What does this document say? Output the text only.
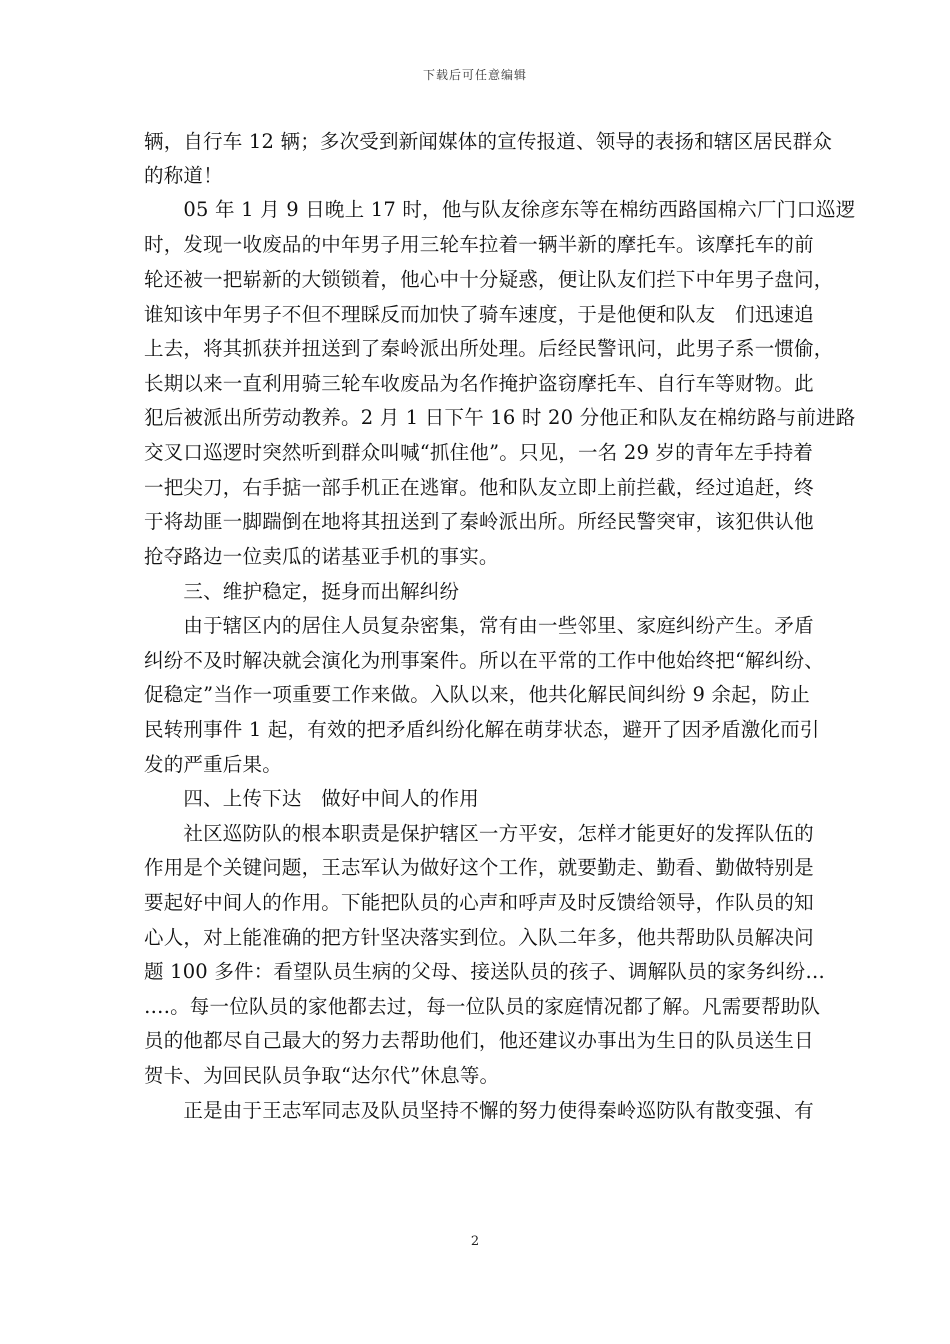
下载后可任意编辑
辆，自行车 12 辆；多次受到新闻媒体的宣传报道、领导的表扬和辖区居民群众
的称道！
　　05 年 1 月 9 日晚上 17 时，他与队友徐彦东等在棉纺西路国棉六厂门口巡逻
时，发现一收废品的中年男子用三轮车拉着一辆半新的摩托车。该摩托车的前
轮还被一把崭新的大锁锁着，他心中十分疑惑，便让队友们拦下中年男子盘问，
谁知该中年男子不但不理睬反而加快了骑车速度，于是他便和队友　们迅速追
上去，将其抓获并扭送到了秦岭派出所处理。后经民警讯问，此男子系一惯偷，
长期以来一直利用骑三轮车收废品为名作掩护盗窃摩托车、自行车等财物。此
犯后被派出所劳动教养。2 月 1 日下午 16 时 20 分他正和队友在棉纺路与前进路
交叉口巡逻时突然听到群众叫喊“抓住他”。只见，一名 29 岁的青年左手持着
一把尖刀，右手掂一部手机正在逃窜。他和队友立即上前拦截，经过追赶，终
于将劫匪一脚踹倒在地将其扭送到了秦岭派出所。所经民警突审，该犯供认他
抢夺路边一位卖瓜的诺基亚手机的事实。
　　三、维护稳定，挺身而出解纠纷
　　由于辖区内的居住人员复杂密集，常有由一些邻里、家庭纠纷产生。矛盾
纠纷不及时解决就会演化为刑事案件。所以在平常的工作中他始终把“解纠纷、
促稳定”当作一项重要工作来做。入队以来，他共化解民间纠纷 9 余起，防止
民转刑事件 1 起，有效的把矛盾纠纷化解在萌芽状态，避开了因矛盾激化而引
发的严重后果。
　　四、上传下达　做好中间人的作用
　　社区巡防队的根本职责是保护辖区一方平安，怎样才能更好的发挥队伍的
作用是个关键问题，王志军认为做好这个工作，就要勤走、勤看、勤做特别是
要起好中间人的作用。下能把队员的心声和呼声及时反馈给领导，作队员的知
心人，对上能准确的把方针坚决落实到位。入队二年多，他共帮助队员解决问
题 100 多件：看望队员生病的父母、接送队员的孩子、调解队员的家务纠纷…
….。每一位队员的家他都去过，每一位队员的家庭情况都了解。凡需要帮助队
员的他都尽自己最大的努力去帮助他们，他还建议办事出为生日的队员送生日
贺卡、为回民队员争取“达尔代”休息等。
　　正是由于王志军同志及队员坚持不懈的努力使得秦岭巡防队有散变强、有
2
